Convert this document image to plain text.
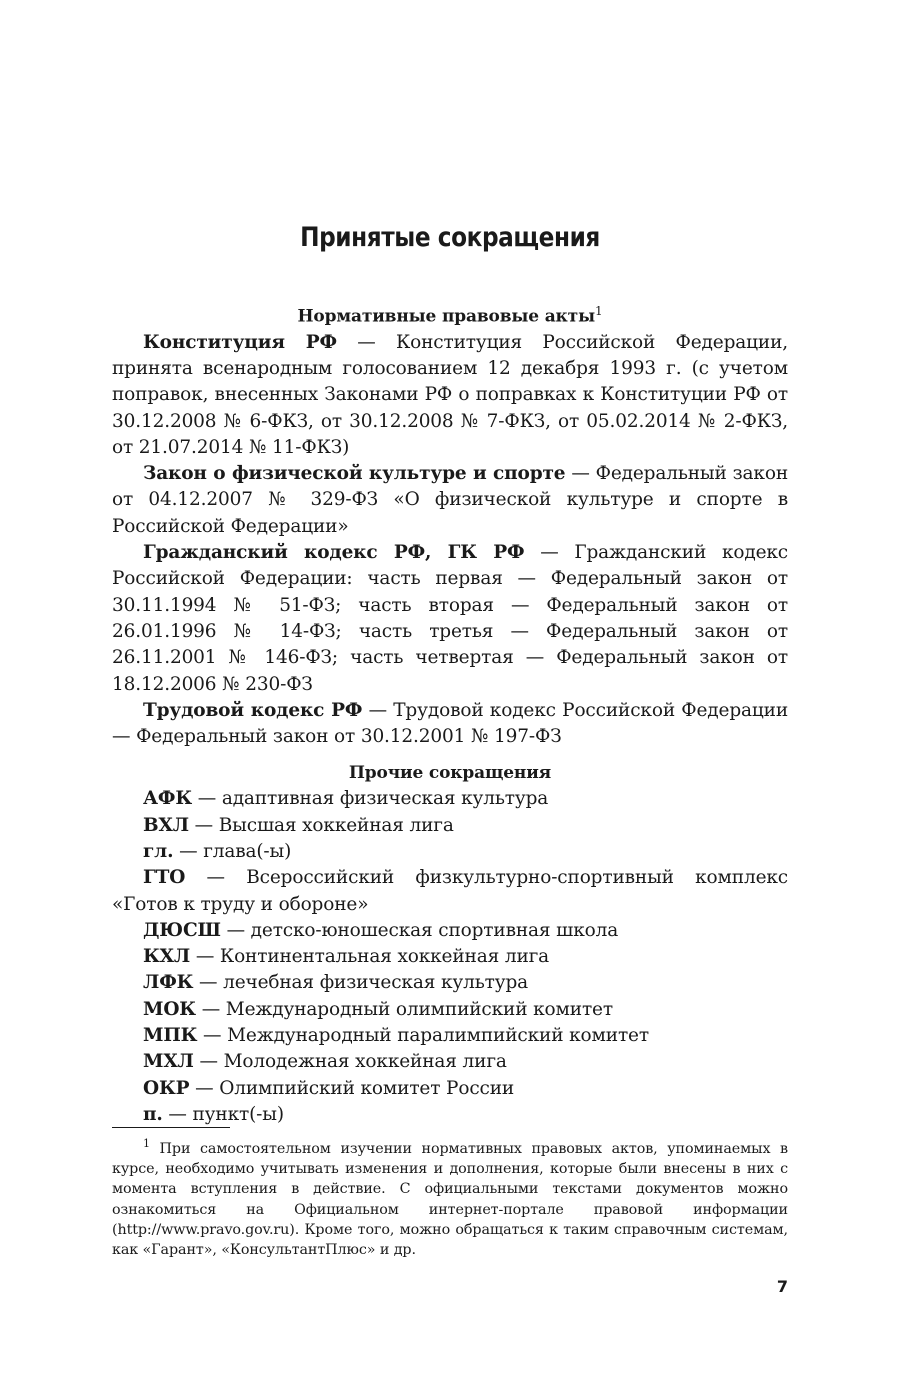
Принятые сокращения

Нормативные правовые акты$^1$

Конституция РФ — Конституция Российской Федерации, принята всенародным голосованием 12 декабря 1993 г. (с учетом поправок, внесенных Законами РФ о поправках к Конституции РФ от 30.12.2008 № 6-ФКЗ, от 30.12.2008 № 7-ФКЗ, от 05.02.2014 № 2-ФКЗ, от 21.07.2014 № 11-ФКЗ)

Закон о физической культуре и спорте — Федеральный закон от 04.12.2007 № 329-ФЗ «О физической культуре и спорте в Российской Федерации»

Гражданский кодекс РФ, ГК РФ — Гражданский кодекс Российской Федерации: часть первая — Федеральный закон от 30.11.1994 № 51-ФЗ; часть вторая — Федеральный закон от 26.01.1996 № 14-ФЗ; часть третья — Федеральный закон от 26.11.2001 № 146-ФЗ; часть четвертая — Федеральный закон от 18.12.2006 № 230-ФЗ

Трудовой кодекс РФ — Трудовой кодекс Российской Федерации — Федеральный закон от 30.12.2001 № 197-ФЗ

Прочие сокращения

АФК — адаптивная физическая культура

ВХЛ — Высшая хоккейная лига

гл. — глава(-ы)

ГТО — Всероссийский физкультурно-спортивный комплекс «Готов к труду и обороне»

ДЮСШ — детско-юношеская спортивная школа

КХЛ — Континентальная хоккейная лига

ЛФК — лечебная физическая культура

МОК — Международный олимпийский комитет

МПК — Международный паралимпийский комитет

МХЛ — Молодежная хоккейная лига

ОКР — Олимпийский комитет России

п. — пункт(-ы)

$^1$ При самостоятельном изучении нормативных правовых актов, упоминаемых в курсе, необходимо учитывать изменения и дополнения, которые были внесены в них с момента вступления в действие. С официальными текстами документов можно ознакомиться на Официальном интернет-портале правовой информации (http://www.pravo.gov.ru). Кроме того, можно обращаться к таким справочным системам, как «Гарант», «КонсультантПлюс» и др.

7
